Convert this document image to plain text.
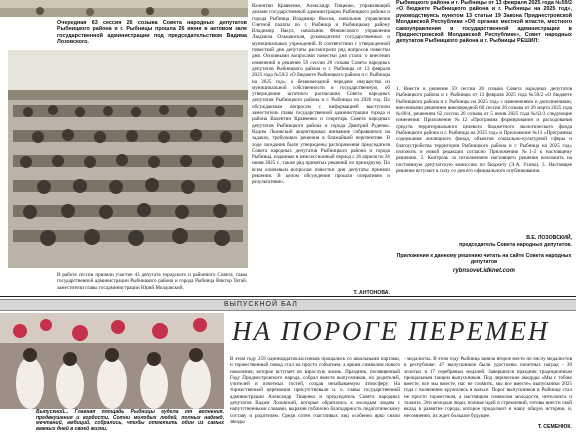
Очередная 63 сессия 26 созыва Совета народных депутатов Рыбницкого района и г. Рыбницы прошла 26 июня в актовом зале государственной администрации под председательством Вадима Лозовского.
В работе сессии приняли участие 43 депутата городского и районного Совета, глава государственной администрации Рыбницкого района и города Рыбница Виктор Тягай, заместители главы госадминистрации Юрий Молдовский,
Валентин Кравченко, Александр Тищенко, управляющий делами государственной администрации Рыбницкого района и города Рыбница Владимир Якосик, начальник управления Счетной палаты по г. Рыбница и Рыбницкому району Владимир Накул, начальник Финансового управления Людмила Ольшанская, руководители государственных и муниципальных учреждений. В соответствии с утвержденной повесткой дня депутаты рассмотрели ряд вопросов повестки дня. Основными вопросами повестки дня стали: о внесении изменений в решение 59 сессии 26 созыва Совета народных депутатов Рыбницкого района и г. Рыбницы от 13 февраля 2025 года №59/2 «О бюджете Рыбницкого района и г. Рыбницы на 2025 год», о безвозмездной передаче имущества из муниципальной собственности в государственную, об утверждении штатного расписания Совета народных депутатов Рыбницкого района и г. Рыбницы на 2026 год. По обсуждаемым вопросам с информацией выступили заместитель главы государственной администрации города и района Валентин Кравченко и секретарь Совета народных депутатов Рыбницкого района и города Дмитрий Руденко. Вадим Лозовский акцентировал внимание собравшихся на задачах, требующих решения в ближайшей перспективе. В ходе заседания были утверждены распоряжения председателя Совета народных депутатов Рыбницкого района и города Рыбница, изданные в межсессионный период с 26 апреля по 26 июня 2025 г., также ряд принятых решений по президиуму. По всем ключевым вопросам повестки дня депутаты приняли решения. В целом обсуждения прошли оперативно и результативно.
Т. АНТОНОВА.
Рыбницкого района и г. Рыбницы от 13 февраля 2025 года №59/2 «О бюджете Рыбницкого района и г. Рыбницы на 2025 год», руководствуясь пунктом 13 статьи 19 Закона Приднестровской Молдавской Республики «Об органах местной власти, местного самоуправления и государственной администрации в Приднестровской Молдавской Республике», Совет народных депутатов Рыбницкого района и г. Рыбницы РЕШИЛ:
1. Внести в решение 59 сессии 26 созыва Совета народных депутатов Рыбницкого района и г. Рыбницы от 13 февраля 2025 года №59/2 «О бюджете Рыбницкого района и г. Рыбницы на 2025 год» с изменениями и дополнениями, внесенными решением внеочередной 60 сессии 26 созыва от 26 марта 2025 года №60/4, решением 62 сессии 26 созыва от 5 июня 2025 года №62/3 следующие изменения: Приложение №12 «Программа формирования и расходования средств территориального целевого бюджетного экологического фонда Рыбницкого района и г. Рыбницы на 2025 год» и Приложение №13 «Программы содержания жилищного фонда, объектов социально-культурной сферы и благоустройства территории Рыбницкого района и г. Рыбница на 2025 год» изложить в новой редакции согласно Приложению №1-2 к настоящему решению. 2. Контроль за исполнением настоящего решения возложить на постоянную депутатскую комиссию по бюджету (Э.А. Ухина). 3. Настоящее решение вступает в силу со дня его официального опубликования.
В.Е. ЛОЗОВСКИЙ,
председатель Совета народных депутатов.
Приложения к данному решению читать на сайте Совета народных депутатов
rybnsovet.idknet.com
ВЫПУСКНОЙ БАЛ
НА ПОРОГЕ ПЕРЕМЕН
Выпускной... Главная площадь Рыбницы гудела от волнения, предвкушения и гордости. Сотни молодых людей, полных надежд, мечтаний, амбиций, собрались, чтобы отметить один из самых важных дней в своей жизни.
В этом году 259 одиннадцатиклассников прощались со школьными партами, и торжественный повод стал на просто событием, а ярким символом нового поколения, которое вступает во взрослую жизнь. Праздник, посвященный Году Приднестровского народа, собрал вместе выпускников, их родителей, учителей и почетных гостей, создав незабываемую атмосферу. На торжественной церемонии присутствовали и. о. главы государственной администрации Александр Тищенко и председатель Совета народных депутатов Вадим Лозовский, которые обратились к молодым людям с напутственными словами, выразив публично благодарность педагогическому составу и родителям. Среди сотен счастливых лиц особенно ярко сияли звезды
- медалисты. В этом году Рыбница заняла второе место по числу медалистов в республике: 47 выпускников были удостоены почетных наград - 30 золотых и 17 серебряных медалей. Завершился праздник традиционным прощальным танцем выпускников. Под лирические аккорды «Мы с тобою вместе, все мы вместе, нас не сломить, мы все вместе» выпускники 2025 года с волнением кружились в вальсе. Порог выпускников в Рыбнице стал не просто торжеством, а настоящим символом молодости, интеллекта и таланта. Эти молодые люди, полные идей и стремлений, готовы внести свой вклад в развитие города, которое продолжит и нашу общую историю, и, несомненно, их ждет большое будущее.
Т. СЕМЕНЮК.
